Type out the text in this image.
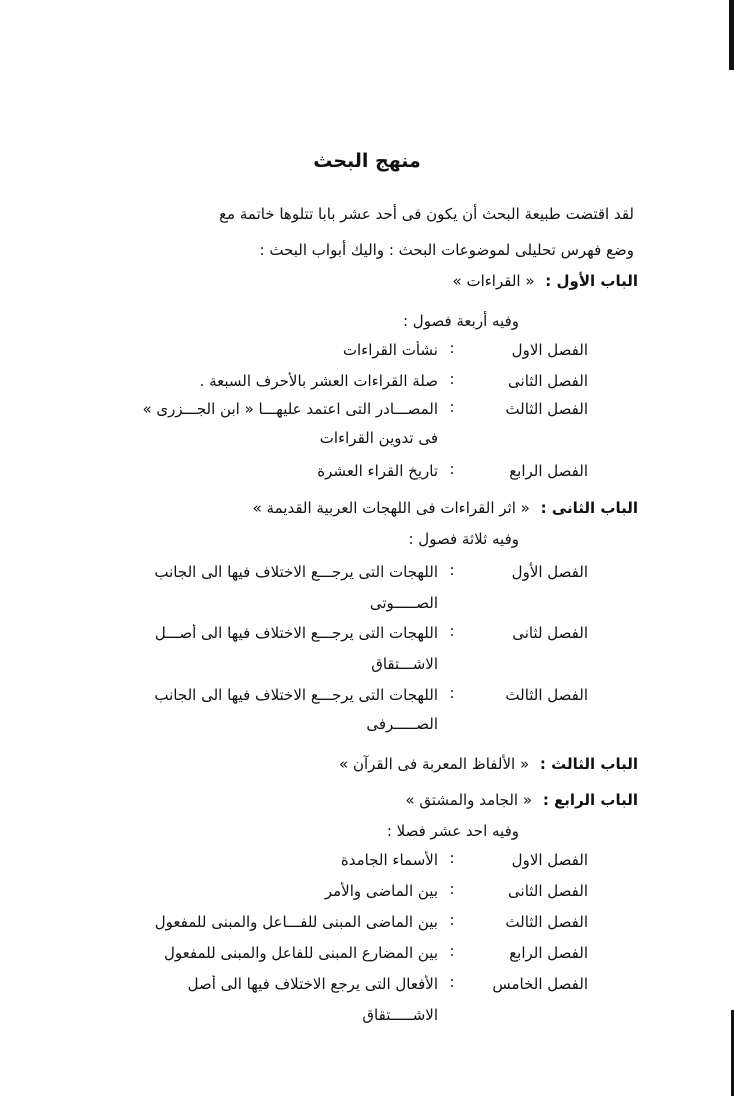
منهج البحث
لقد اقتضت طبيعة البحث أن يكون فى أحد عشر بابا تتلوها خاتمة مع
وضع فهرس تحليلى لموضوعات البحث : واليك أبواب البحث :
الباب الأول : « القراءات »
وفيه أربعة فصول :
الفصل الاول
:
نشأت القراءات
الفصل الثانى
:
صلة القراءات العشر بالأحرف السبعة .
الفصل الثالث
:
المصـــادر التى اعتمد عليهـــا « ابن الجـــزرى »
فى تدوين القراءات
الفصل الرابع
:
تاريخ القراء العشرة
الباب الثانى : « اثر القراءات فى اللهجات العربية القديمة »
وفيه ثلاثة فصول :
الفصل الأول
:
اللهجات التى يرجـــع الاختلاف فيها الى الجانب
الصـــــوتى
الفصل لثانى
:
اللهجات التى يرجـــع الاختلاف فيها الى أصـــل
الاشـــتقاق
الفصل الثالث
:
اللهجات التى يرجـــع الاختلاف فيها الى الجانب
الصـــــرفى
الباب الثالث : « الألفاظ المعربة فى القرآن »
الباب الرابع : « الجامد والمشتق »
وفيه احد عشر فصلا :
الفصل الاول
:
الأسماء الجامدة
الفصل الثانى
:
بين الماضى والأمر
الفصل الثالث
:
بين الماضى المبنى للفـــاعل والمبنى للمفعول
الفصل الرابع
:
بين المضارع المبنى للفاعل والمبنى للمفعول
الفصل الخامس
:
الأفعال التى يرجع الاختلاف فيها الى أصل
الاشـــــتقاق
